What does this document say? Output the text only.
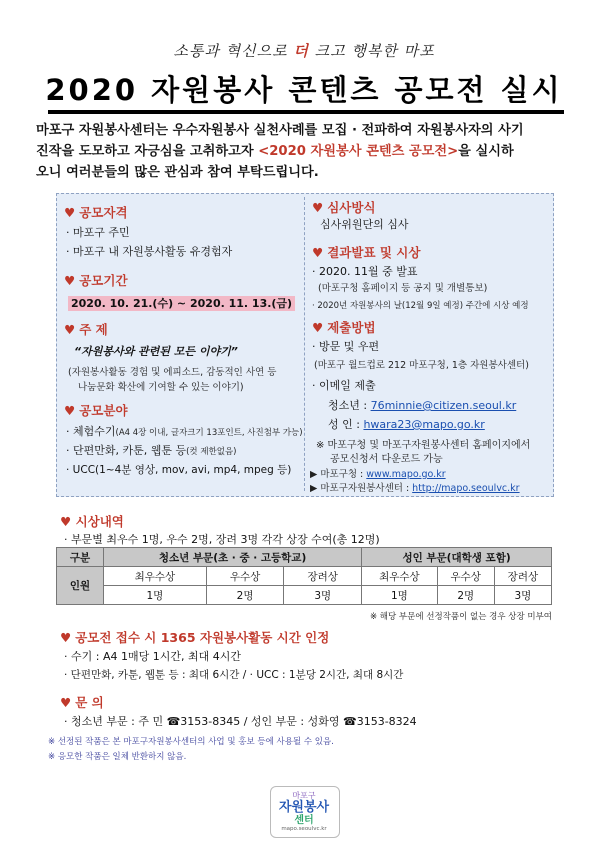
소통과 혁신으로 더 크고 행복한 마포
2020 자원봉사 콘텐츠 공모전 실시
마포구 자원봉사센터는 우수자원봉사 실천사례를 모집 · 전파하여 자원봉사자의 사기
진작을 도모하고 자긍심을 고취하고자 <2020 자원봉사 콘텐츠 공모전>을 실시하
오니 여러분들의 많은 관심과 참여 부탁드립니다.
♥ 공모자격
· 마포구 주민
· 마포구 내 자원봉사활동 유경험자
♥ 공모기간
2020. 10. 21.(수) ~ 2020. 11. 13.(금)
♥ 주 제
“자원봉사와 관련된 모든 이야기”
(자원봉사활동 경험 및 에피소드, 감동적인 사연 등
나눔문화 확산에 기여할 수 있는 이야기)
♥ 공모분야
· 체험수기(A4 4장 이내, 글자크기 13포인트, 사진첨부 가능)
· 단편만화, 카툰, 웹툰 등(컷 제한없음)
· UCC(1~4분 영상, mov, avi, mp4, mpeg 등)
♥ 심사방식
심사위원단의 심사
♥ 결과발표 및 시상
· 2020. 11월 중 발표
(마포구청 홈페이지 등 공지 및 개별통보)
· 2020년 자원봉사의 날(12월 9일 예정) 주간에 시상 예정
♥ 제출방법
· 방문 및 우편
(마포구 월드컵로 212 마포구청, 1층 자원봉사센터)
· 이메일 제출
청소년 : 76minnie@citizen.seoul.kr
성 인 : hwara23@mapo.go.kr
※ 마포구청 및 마포구자원봉사센터 홈페이지에서
공모신청서 다운로드 가능
▶ 마포구청 : www.mapo.go.kr
▶ 마포구자원봉사센터 : http://mapo.seoulvc.kr
♥ 시상내역
· 부문별 최우수 1명, 우수 2명, 장려 3명 각각 상장 수여(총 12명)
구분	청소년 부문(초 · 중 · 고등학교)			성인 부문(대학생 포함)		
인원	최우수상	우수상	장려상	최우수상	우수상	장려상
	1명	2명	3명	1명	2명	3명
※ 해당 부문에 선정작품이 없는 경우 상장 미부여
♥ 공모전 접수 시 1365 자원봉사활동 시간 인정
· 수기 : A4 1매당 1시간, 최대 4시간
· 단편만화, 카툰, 웹툰 등 : 최대 6시간 / · UCC : 1분당 2시간, 최대 8시간
♥ 문 의
· 청소년 부문 : 주 민 ☎3153-8345 / 성인 부문 : 성화영 ☎3153-8324
※ 선정된 작품은 본 마포구자원봉사센터의 사업 및 홍보 등에 사용될 수 있음.
※ 응모한 작품은 일체 반환하지 않음.
마포구
자원봉사
센터
mapo.seoulvc.kr
